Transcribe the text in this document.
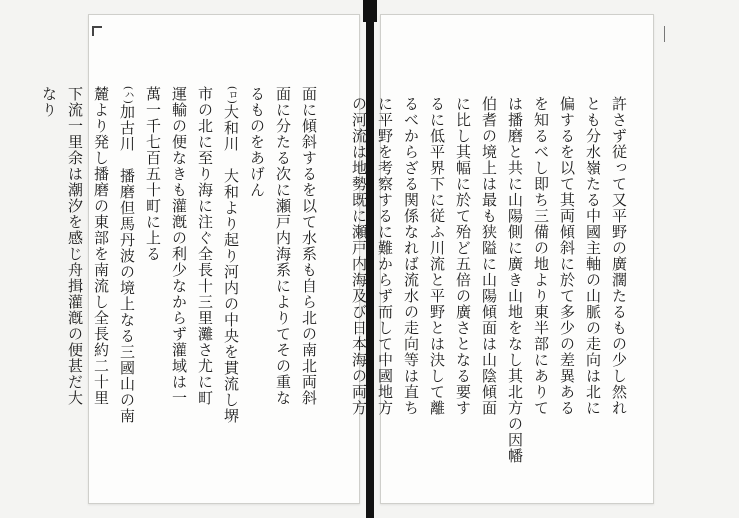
許さず従って又平野の廣濶たるもの少し然れ
とも分水嶺たる中國主軸の山脈の走向は北に
偏するを以て其両傾斜に於て多少の差異ある
を知るべし即ち三備の地より東半部にありて
は播磨と共に山陽側に廣き山地をなし其北方の因幡
伯耆の境上は最も狭隘に山陽傾面は山陰傾面
に比し其幅に於て殆ど五倍の廣さとなる要す
るに低平界下に従ふ川流と平野とは決して離
るべからざる関係なれば流水の走向等は直ち
に平野を考察するに難からず而して中國地方
の河流は地勢既に瀬戸内海及び日本海の両方
面に傾斜するを以て水系も自ら北の南北両斜
面に分たる次に瀬戸内海系によりてその重な
るものをあげん
(ロ)大和川　大和より起り河内の中央を貫流し堺
市の北に至り海に注ぐ全長十三里灘さ尤に町
運輸の便なきも灌漑の利少なからず灌域は一
萬一千七百五十町に上る
(ハ)加古川　播磨但馬丹波の境上なる三國山の南
麓より発し播磨の東部を南流し全長約二十里
下流一里余は潮汐を感じ舟揖灌漑の便甚だ大
なり
